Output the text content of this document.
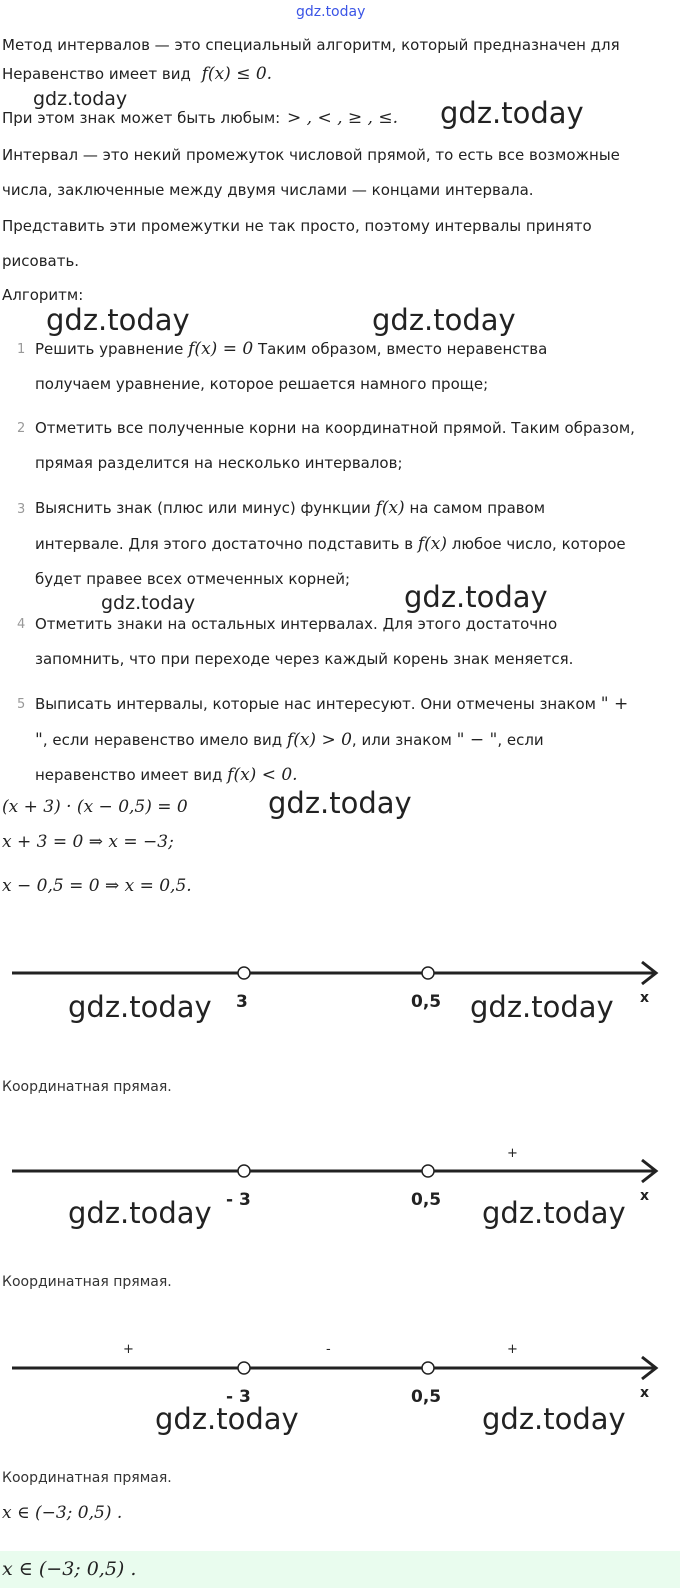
gdz.today
Метод интервалов — это специальный алгоритм, который предназначен для
Неравенство имеет вид f(x) ≤ 0.
gdz.today
При этом знак может быть любым: > , < , ≥ , ≤. gdz.today
Интервал — это некий промежуток числовой прямой, то есть все возможные
числа, заключенные между двумя числами — концами интервала.
Представить эти промежутки не так просто, поэтому интервалы принято
рисовать.
Алгоритм:
gdz.today	gdz.today
1 Решить уравнение f(x) = 0 Таким образом, вместо неравенства
получаем уравнение, которое решается намного проще;
2 Отметить все полученные корни на координатной прямой. Таким образом,
прямая разделится на несколько интервалов;
3 Выяснить знак (плюс или минус) функции f(x) на самом правом
интервале. Для этого достаточно подставить в f(x) любое число, которое
будет правее всех отмеченных корней;
gdz.today	gdz.today
4 Отметить знаки на остальных интервалах. Для этого достаточно
запомнить, что при переходе через каждый корень знак меняется.
5 Выписать интервалы, которые нас интересуют. Они отмечены знаком " +
", если неравенство имело вид f(x) > 0, или знаком " − ", если
неравенство имеет вид f(x) < 0.
(x + 3) · (x − 0,5) = 0	gdz.today
x + 3 = 0 ⇒ x = −3;
x − 0,5 = 0 ⇒ x = 0,5.
3	0,5	x
gdz.today	gdz.today
Координатная прямая.
+
- 3	0,5	x
gdz.today	gdz.today
Координатная прямая.
+	-	+
- 3	0,5	x
gdz.today	gdz.today
Координатная прямая.
x ∈ (−3; 0,5) .
x ∈ (−3; 0,5) .
